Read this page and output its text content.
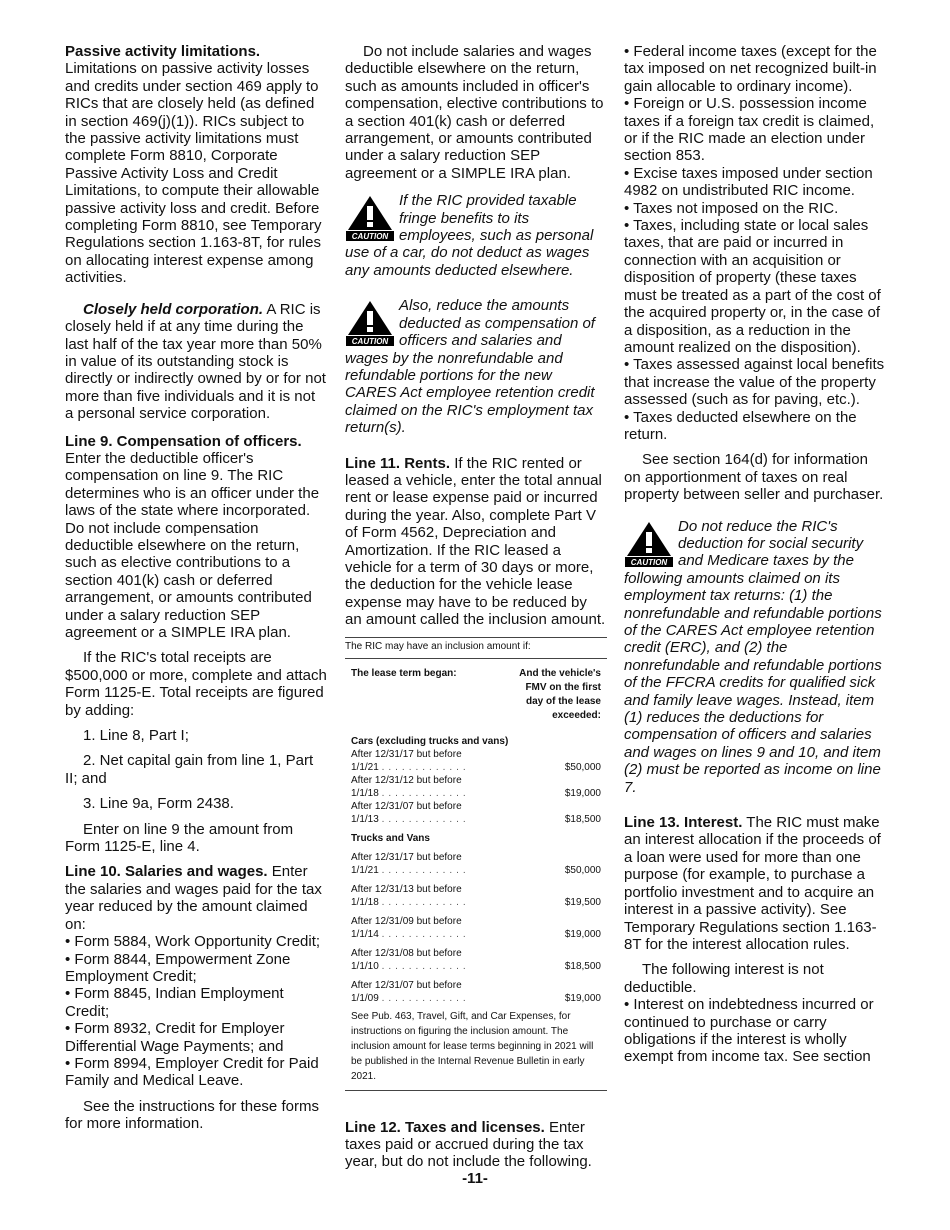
Passive activity limitations.
Limitations on passive activity losses and credits under section 469 apply to RICs that are closely held (as defined in section 469(j)(1)). RICs subject to the passive activity limitations must complete Form 8810, Corporate Passive Activity Loss and Credit Limitations, to compute their allowable passive activity loss and credit. Before completing Form 8810, see Temporary Regulations section 1.163-8T, for rules on allocating interest expense among activities.

Closely held corporation. A RIC is closely held if at any time during the last half of the tax year more than 50% in value of its outstanding stock is directly or indirectly owned by or for not more than five individuals and it is not a personal service corporation.

Line 9. Compensation of officers. Enter the deductible officer's compensation on line 9. The RIC determines who is an officer under the laws of the state where incorporated. Do not include compensation deductible elsewhere on the return, such as elective contributions to a section 401(k) cash or deferred arrangement, or amounts contributed under a salary reduction SEP agreement or a SIMPLE IRA plan.

If the RIC's total receipts are $500,000 or more, complete and attach Form 1125-E. Total receipts are figured by adding:

1. Line 8, Part I;

2. Net capital gain from line 1, Part II; and

3. Line 9a, Form 2438.

Enter on line 9 the amount from Form 1125-E, line 4.

Line 10. Salaries and wages. Enter the salaries and wages paid for the tax year reduced by the amount claimed on:

• Form 5884, Work Opportunity Credit;

• Form 8844, Empowerment Zone Employment Credit;

• Form 8845, Indian Employment Credit;

• Form 8932, Credit for Employer Differential Wage Payments; and

• Form 8994, Employer Credit for Paid Family and Medical Leave.

See the instructions for these forms for more information.

Do not include salaries and wages deductible elsewhere on the return, such as amounts included in officer's compensation, elective contributions to a section 401(k) cash or deferred arrangement, or amounts contributed under a salary reduction SEP agreement or a SIMPLE IRA plan.

CAUTION
If the RIC provided taxable fringe benefits to its employees, such as personal use of a car, do not deduct as wages any amounts deducted elsewhere.
CAUTION
Also, reduce the amounts deducted as compensation of officers and salaries and wages by the nonrefundable and refundable portions for the new CARES Act employee retention credit claimed on the RIC's employment tax return(s).

Line 11. Rents. If the RIC rented or leased a vehicle, enter the total annual rent or lease expense paid or incurred during the year. Also, complete Part V of Form 4562, Depreciation and Amortization. If the RIC leased a vehicle for a term of 30 days or more, the deduction for the vehicle lease expense may have to be reduced by an amount called the inclusion amount.

The RIC may have an inclusion amount if:
The lease term began:	And the vehicle's FMV on the first day of the lease exceeded:
Cars (excluding trucks and vans)	
After 12/31/17 but before	
1/1/21 .............	$50,000
After 12/31/12 but before	
1/1/18 .............	$19,000
After 12/31/07 but before	
1/1/13 .............	$18,500
Trucks and Vans	
After 12/31/17 but before	
1/1/21 .............	$50,000
After 12/31/13 but before	
1/1/18 .............	$19,500
After 12/31/09 but before	
1/1/14 .............	$19,000
After 12/31/08 but before	
1/1/10 .............	$18,500
After 12/31/07 but before	
1/1/09 .............	$19,000
See Pub. 463, Travel, Gift, and Car Expenses, for instructions on figuring the inclusion amount. The inclusion amount for lease terms beginning in 2021 will be published in the Internal Revenue Bulletin in early 2021.	

Line 12. Taxes and licenses. Enter taxes paid or accrued during the tax year, but do not include the following.

• Federal income taxes (except for the tax imposed on net recognized built-in gain allocable to ordinary income).

• Foreign or U.S. possession income taxes if a foreign tax credit is claimed, or if the RIC made an election under section 853.

• Excise taxes imposed under section 4982 on undistributed RIC income.

• Taxes not imposed on the RIC.

• Taxes, including state or local sales taxes, that are paid or incurred in connection with an acquisition or disposition of property (these taxes must be treated as a part of the cost of the acquired property or, in the case of a disposition, as a reduction in the amount realized on the disposition).

• Taxes assessed against local benefits that increase the value of the property assessed (such as for paving, etc.).

• Taxes deducted elsewhere on the return.

See section 164(d) for information on apportionment of taxes on real property between seller and purchaser.

CAUTION
Do not reduce the RIC's deduction for social security and Medicare taxes by the following amounts claimed on its employment tax returns: (1) the nonrefundable and refundable portions of the CARES Act employee retention credit (ERC), and (2) the nonrefundable and refundable portions of the FFCRA credits for qualified sick and family leave wages. Instead, item (1) reduces the deductions for compensation of officers and salaries and wages on lines 9 and 10, and item (2) must be reported as income on line 7.

Line 13. Interest. The RIC must make an interest allocation if the proceeds of a loan were used for more than one purpose (for example, to purchase a portfolio investment and to acquire an interest in a passive activity). See Temporary Regulations section 1.163-8T for the interest allocation rules.

The following interest is not deductible.

• Interest on indebtedness incurred or continued to purchase or carry obligations if the interest is wholly exempt from income tax. See section

-11-
